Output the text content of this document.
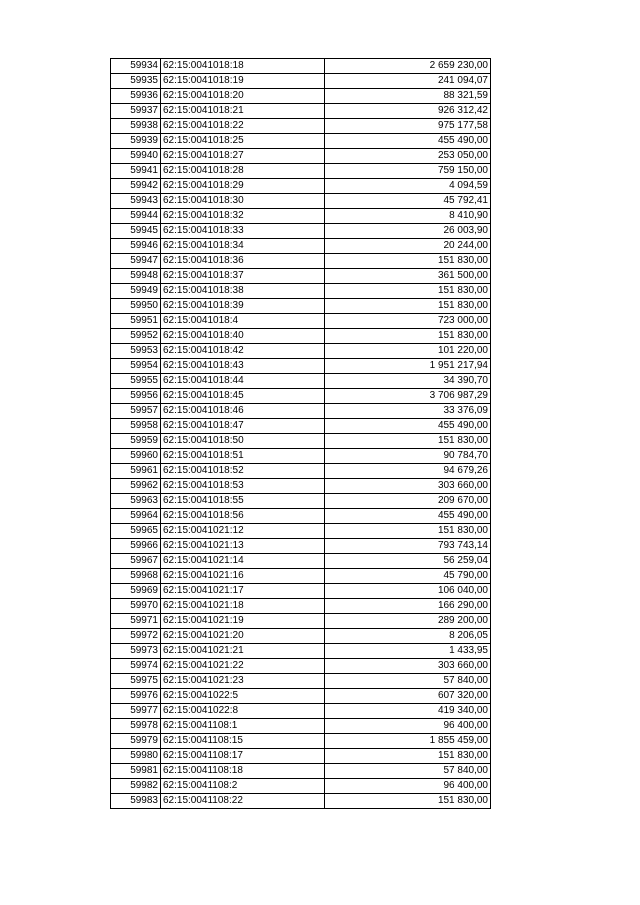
59934	62:15:0041018:18	2 659 230,00
59935	62:15:0041018:19	241 094,07
59936	62:15:0041018:20	88 321,59
59937	62:15:0041018:21	926 312,42
59938	62:15:0041018:22	975 177,58
59939	62:15:0041018:25	455 490,00
59940	62:15:0041018:27	253 050,00
59941	62:15:0041018:28	759 150,00
59942	62:15:0041018:29	4 094,59
59943	62:15:0041018:30	45 792,41
59944	62:15:0041018:32	8 410,90
59945	62:15:0041018:33	26 003,90
59946	62:15:0041018:34	20 244,00
59947	62:15:0041018:36	151 830,00
59948	62:15:0041018:37	361 500,00
59949	62:15:0041018:38	151 830,00
59950	62:15:0041018:39	151 830,00
59951	62:15:0041018:4	723 000,00
59952	62:15:0041018:40	151 830,00
59953	62:15:0041018:42	101 220,00
59954	62:15:0041018:43	1 951 217,94
59955	62:15:0041018:44	34 390,70
59956	62:15:0041018:45	3 706 987,29
59957	62:15:0041018:46	33 376,09
59958	62:15:0041018:47	455 490,00
59959	62:15:0041018:50	151 830,00
59960	62:15:0041018:51	90 784,70
59961	62:15:0041018:52	94 679,26
59962	62:15:0041018:53	303 660,00
59963	62:15:0041018:55	209 670,00
59964	62:15:0041018:56	455 490,00
59965	62:15:0041021:12	151 830,00
59966	62:15:0041021:13	793 743,14
59967	62:15:0041021:14	56 259,04
59968	62:15:0041021:16	45 790,00
59969	62:15:0041021:17	106 040,00
59970	62:15:0041021:18	166 290,00
59971	62:15:0041021:19	289 200,00
59972	62:15:0041021:20	8 206,05
59973	62:15:0041021:21	1 433,95
59974	62:15:0041021:22	303 660,00
59975	62:15:0041021:23	57 840,00
59976	62:15:0041022:5	607 320,00
59977	62:15:0041022:8	419 340,00
59978	62:15:0041108:1	96 400,00
59979	62:15:0041108:15	1 855 459,00
59980	62:15:0041108:17	151 830,00
59981	62:15:0041108:18	57 840,00
59982	62:15:0041108:2	96 400,00
59983	62:15:0041108:22	151 830,00
